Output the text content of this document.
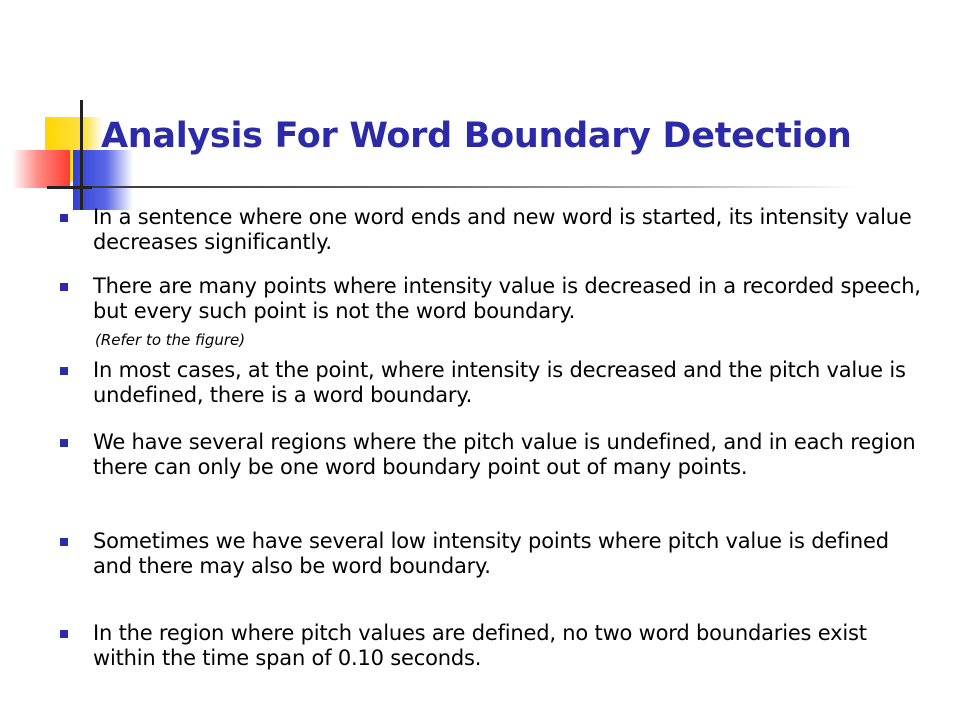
Analysis For Word Boundary Detection
In a sentence where one word ends and new word is started, its intensity value decreases significantly.
There are many points where intensity value is decreased in a recorded speech, but every such point is not the word boundary.
(Refer to the figure)
In most cases, at the point, where intensity is decreased and the pitch value is undefined, there is a word boundary.
We have several regions where the pitch value is undefined, and in each region there can only be one word boundary point out of many points.
Sometimes we have several low intensity points where pitch value is defined and there may also be word boundary.
In the region where pitch values are defined, no two word boundaries exist within the time span of 0.10 seconds.
